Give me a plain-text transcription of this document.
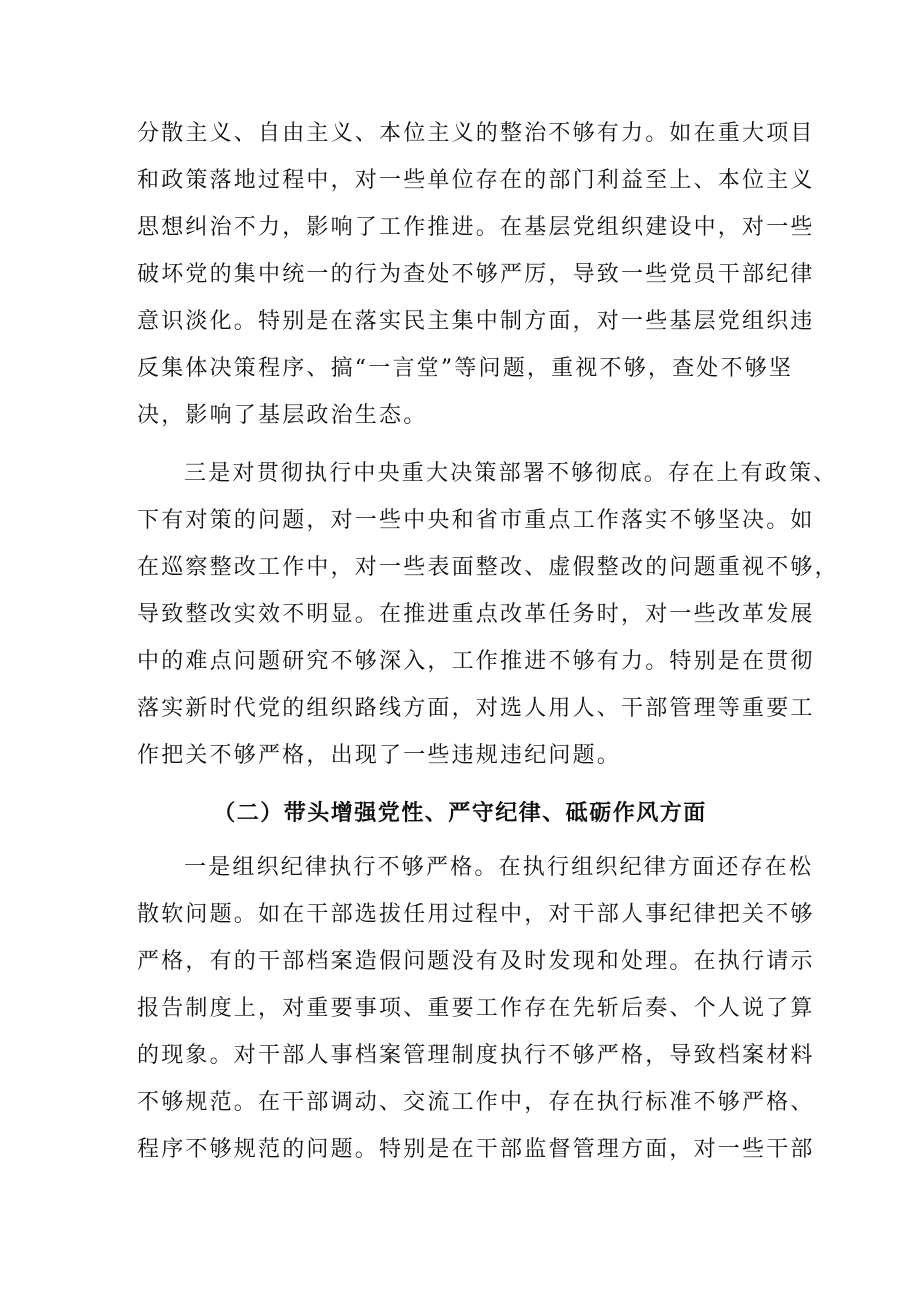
分散主义、自由主义、本位主义的整治不够有力。如在重大项目
和政策落地过程中，对一些单位存在的部门利益至上、本位主义
思想纠治不力，影响了工作推进。在基层党组织建设中，对一些
破坏党的集中统一的行为查处不够严厉，导致一些党员干部纪律
意识淡化。特别是在落实民主集中制方面，对一些基层党组织违
反集体决策程序、搞“一言堂”等问题，重视不够，查处不够坚
决，影响了基层政治生态。
三是对贯彻执行中央重大决策部署不够彻底。存在上有政策、
下有对策的问题，对一些中央和省市重点工作落实不够坚决。如
在巡察整改工作中，对一些表面整改、虚假整改的问题重视不够，
导致整改实效不明显。在推进重点改革任务时，对一些改革发展
中的难点问题研究不够深入，工作推进不够有力。特别是在贯彻
落实新时代党的组织路线方面，对选人用人、干部管理等重要工
作把关不够严格，出现了一些违规违纪问题。
（二）带头增强党性、严守纪律、砥砺作风方面
一是组织纪律执行不够严格。在执行组织纪律方面还存在松
散软问题。如在干部选拔任用过程中，对干部人事纪律把关不够
严格，有的干部档案造假问题没有及时发现和处理。在执行请示
报告制度上，对重要事项、重要工作存在先斩后奏、个人说了算
的现象。对干部人事档案管理制度执行不够严格，导致档案材料
不够规范。在干部调动、交流工作中，存在执行标准不够严格、
程序不够规范的问题。特别是在干部监督管理方面，对一些干部
